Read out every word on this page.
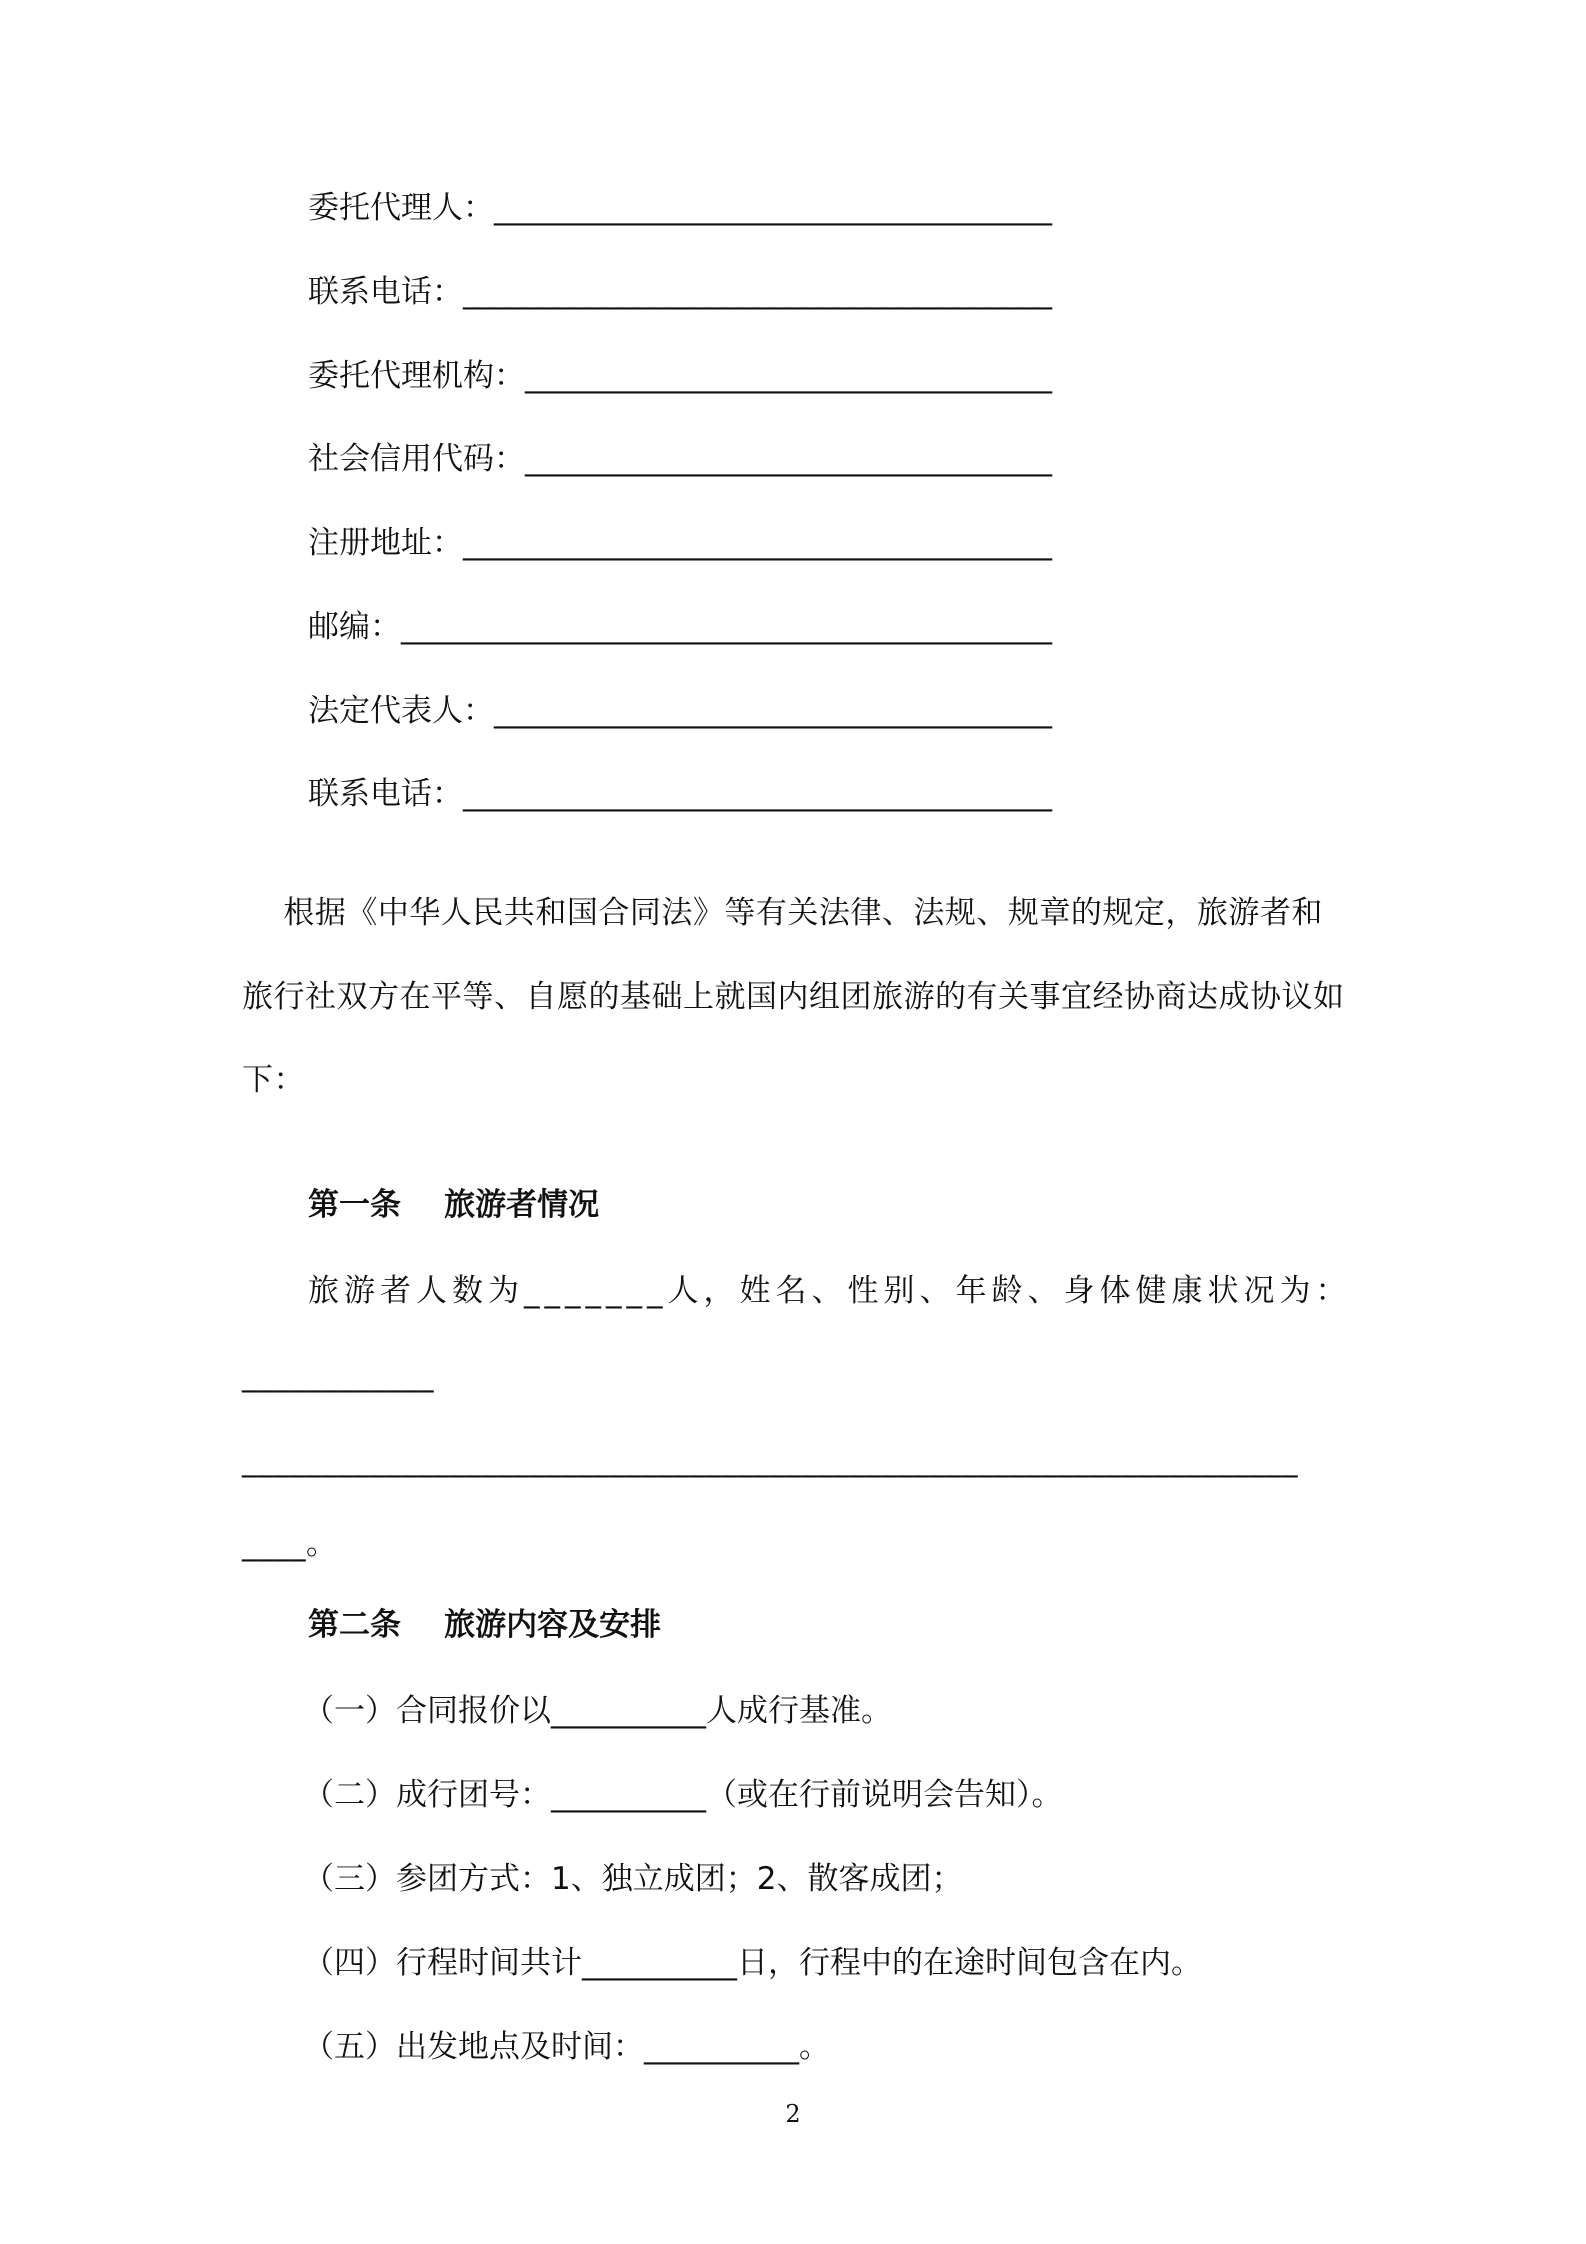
委托代理人：____________________________________
联系电话：______________________________________
委托代理机构：__________________________________
社会信用代码：__________________________________
注册地址：______________________________________
邮编：__________________________________________
法定代表人：____________________________________
联系电话：______________________________________
根据《中华人民共和国合同法》等有关法律、法规、规章的规定，旅游者和
旅行社双方在平等、自愿的基础上就国内组团旅游的有关事宜经协商达成协议如
下：
第一条    旅游者情况
旅游者人数为_______人，姓名、性别、年龄、身体健康状况为：
____________
__________________________________________________________________
____。
第二条    旅游内容及安排
（一）合同报价以__________人成行基准。
（二）成行团号：__________（或在行前说明会告知）。
（三）参团方式：1、独立成团；2、散客成团；
（四）行程时间共计__________日，行程中的在途时间包含在内。
（五）出发地点及时间：__________。
2
